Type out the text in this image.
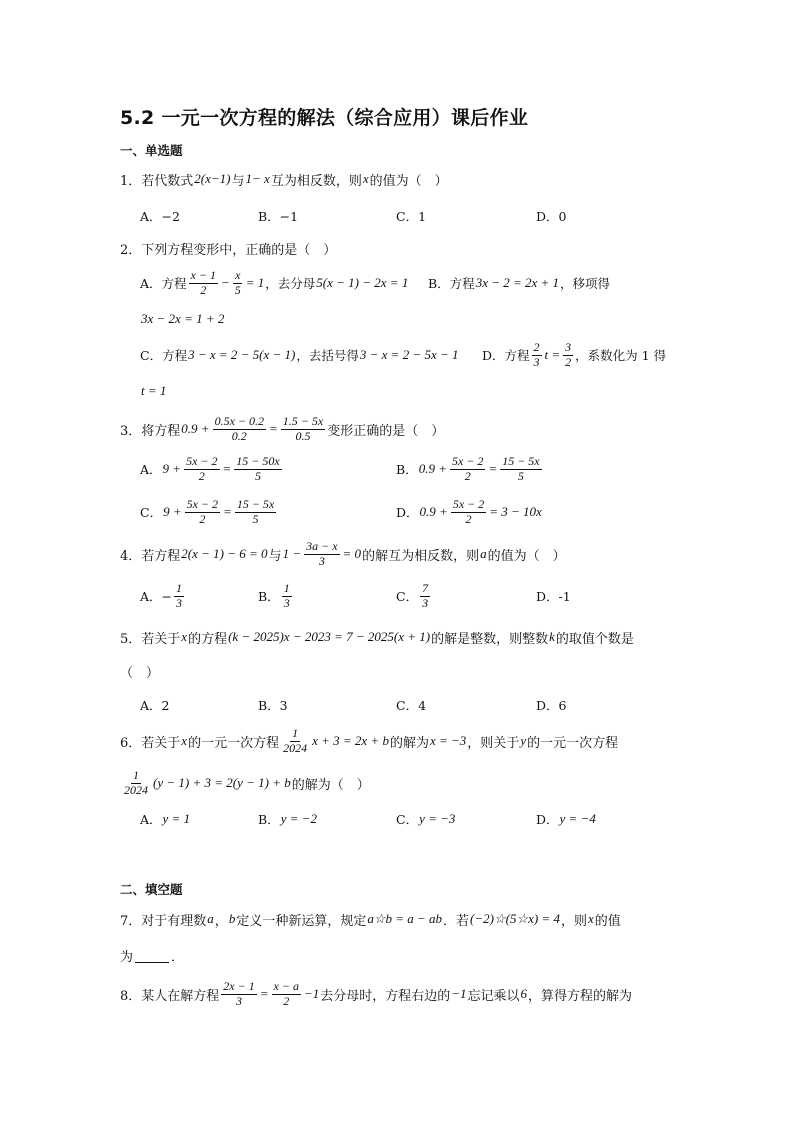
5.2 一元一次方程的解法（综合应用）课后作业
一、单选题
1． 若代数式 2(x−1) 与 1− x 互为相反数，则 x 的值为（　）
A．−2	B．−1	C．1	D．0
2． 下列方程变形中，正确的是（　）
A．方程 $\frac{x - 1}{2} - \frac{x}{5} = 1$ ，去分母 5(x − 1) − 2x = 1 B．方程 3x − 2 = 2x + 1 ，移项得
3x − 2x = 1 + 2
C．方程 3 − x = 2 − 5(x − 1) ，去括号得 3 − x = 2 − 5x − 1 D．方程 $\frac{2}{3}$ $t = \frac{3}{2}$ ，系数化为 1 得
t = 1
3． 将方程 $0.9 + \frac{0.5x - 0.2}{0.2} = \frac{1.5 - 5x}{0.5}$ 变形正确的是（　）
A． $9 + \frac{5x - 2}{2} = \frac{15 - 50x}{5}$	B． $0.9 + \frac{5x - 2}{2} = \frac{15 - 5x}{5}$
C． $9 + \frac{5x - 2}{2} = \frac{15 - 5x}{5}$	D． $0.9 + \frac{5x - 2}{2} = 3 - 10x$
4． 若方程 2(x − 1) − 6 = 0 与 $1 - \frac{3a - x}{3} = 0$ 的解互为相反数，则 a 的值为（　）
A．− $\frac{1}{3}$	B． $\frac{1}{3}$	C． $\frac{7}{3}$	D．-1
5． 若关于 x 的方程 (k − 2025)x − 2023 = 7 − 2025(x + 1) 的解是整数，则整数 k 的取值个数是
（　）
A．2	B．3	C．4	D．6
6． 若关于 x 的一元一次方程 $\frac{1}{2024}$ x + 3 = 2x + b 的解为 x = −3 ，则关于 y 的一元一次方程
$\frac{1}{2024} (y - 1) + 3 = 2(y - 1) + b$ 的解为（　）
A． y = 1	B． y = −2	C． y = −3	D． y = −4
二、填空题
7． 对于有理数 a ， b 定义一种新运算，规定 a☆b = a − ab ．若 (−2)☆(5☆x) = 4 ，则 x 的值
为	．
8． 某人在解方程 $\frac{2x - 1}{3} = \frac{x - a}{2} -1$ 去分母时，方程右边的 −1 忘记乘以 6 ，算得方程的解为
